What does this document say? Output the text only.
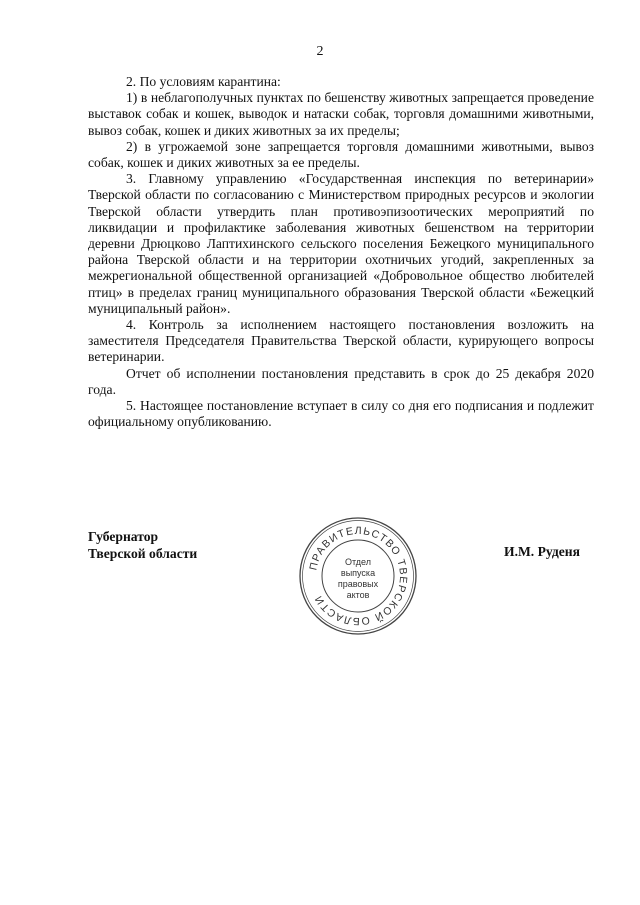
2

2. По условиям карантина:

1) в неблагополучных пунктах по бешенству животных запрещается проведение выставок собак и кошек, выводок и натаски собак, торговля домашними животными, вывоз собак, кошек и диких животных за их пределы;

2) в угрожаемой зоне запрещается торговля домашними животными, вывоз собак, кошек и диких животных за ее пределы.

3. Главному управлению «Государственная инспекция по ветеринарии» Тверской области по согласованию с Министерством природных ресурсов и экологии Тверской области утвердить план противоэпизоотических мероприятий по ликвидации и профилактике заболевания животных бешенством на территории деревни Дрюцково Лаптихинского сельского поселения Бежецкого муниципального района Тверской области и на территории охотничьих угодий, закрепленных за межрегиональной общественной организацией «Добровольное общество любителей птиц» в пределах границ муниципального образования Тверской области «Бежецкий муниципальный район».

4. Контроль за исполнением настоящего постановления возложить на заместителя Председателя Правительства Тверской области, курирующего вопросы ветеринарии.

Отчет об исполнении постановления представить в срок до 25 декабря 2020 года.

5. Настоящее постановление вступает в силу со дня его подписания и подлежит официальному опубликованию.

Губернатор
Тверской области	И.М. Руденя
ПРАВИТЕЛЬСТВО ТВЕРСКОЙ ОБЛАСТИ
Отдел
выпуска
правовых
актов
